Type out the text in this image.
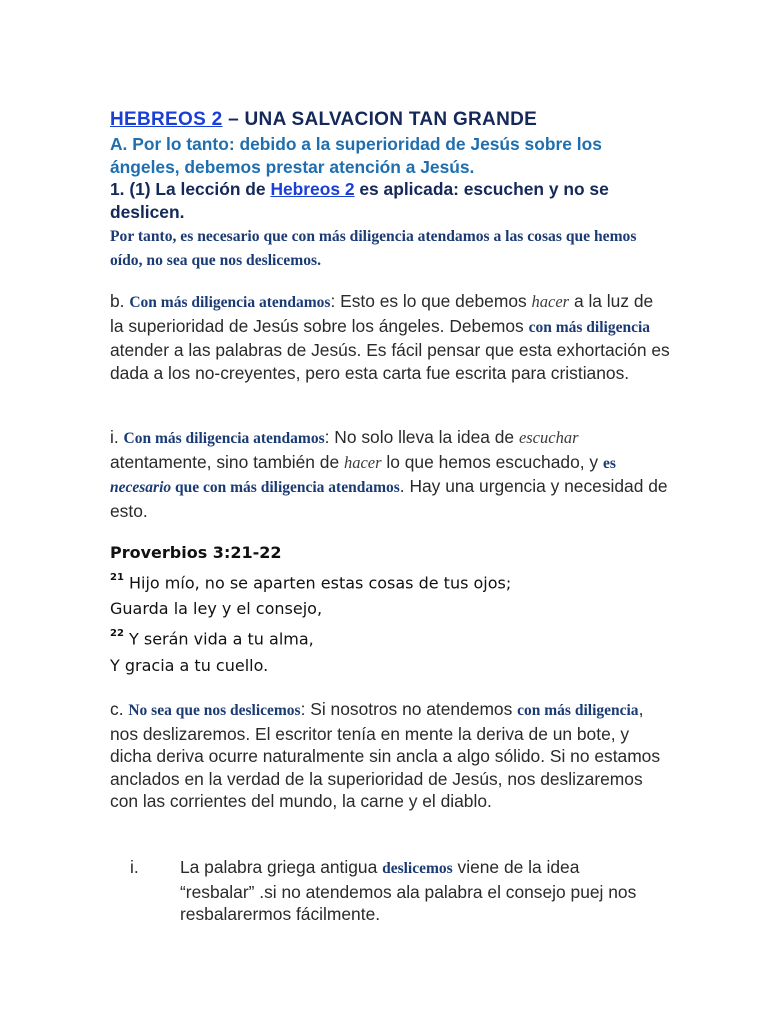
HEBREOS 2 – UNA SALVACION TAN GRANDE
A. Por lo tanto: debido a la superioridad de Jesús sobre los ángeles, debemos prestar atención a Jesús.
1. (1) La lección de Hebreos 2 es aplicada: escuchen y no se deslicen.
Por tanto, es necesario que con más diligencia atendamos a las cosas que hemos oído, no sea que nos deslicemos.
b. Con más diligencia atendamos: Esto es lo que debemos hacer a la luz de la superioridad de Jesús sobre los ángeles. Debemos con más diligencia atender a las palabras de Jesús. Es fácil pensar que esta exhortación es dada a los no-creyentes, pero esta carta fue escrita para cristianos.
i. Con más diligencia atendamos: No solo lleva la idea de escuchar atentamente, sino también de hacer lo que hemos escuchado, y es necesario que con más diligencia atendamos. Hay una urgencia y necesidad de esto.
Proverbios 3:21-22
$^{21}$ Hijo mío, no se aparten estas cosas de tus ojos;
Guarda la ley y el consejo,
$^{22}$ Y serán vida a tu alma,
Y gracia a tu cuello.
c. No sea que nos deslicemos: Si nosotros no atendemos con más diligencia, nos deslizaremos. El escritor tenía en mente la deriva de un bote, y dicha deriva ocurre naturalmente sin ancla a algo sólido. Si no estamos anclados en la verdad de la superioridad de Jesús, nos deslizaremos con las corrientes del mundo, la carne y el diablo.
i. La palabra griega antigua deslicemos viene de la idea “resbalar” .si no atendemos ala palabra el consejo puej nos resbalarermos fácilmente.
